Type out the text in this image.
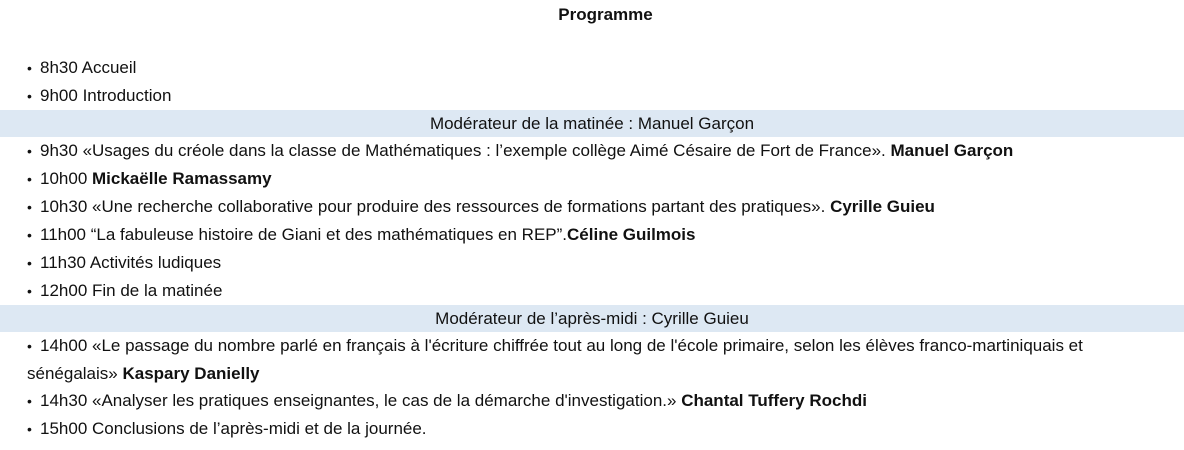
Programme
• 8h30 Accueil
• 9h00 Introduction
Modérateur de la matinée : Manuel Garçon
• 9h30 «Usages du créole dans la classe de Mathématiques : l’exemple collège Aimé Césaire de Fort de France». Manuel Garçon
• 10h00 Mickaëlle Ramassamy
• 10h30 «Une recherche collaborative pour produire des ressources de formations partant des pratiques». Cyrille Guieu
• 11h00 “La fabuleuse histoire de Giani et des mathématiques en REP”.Céline Guilmois
• 11h30 Activités ludiques
• 12h00 Fin de la matinée
Modérateur de l’après-midi : Cyrille Guieu
• 14h00 «Le passage du nombre parlé en français à l'écriture chiffrée tout au long de l'école primaire, selon les élèves franco-martiniquais et sénégalais» Kaspary Danielly
• 14h30 «Analyser les pratiques enseignantes, le cas de la démarche d'investigation.» Chantal Tuffery Rochdi
• 15h00 Conclusions de l’après-midi et de la journée.
